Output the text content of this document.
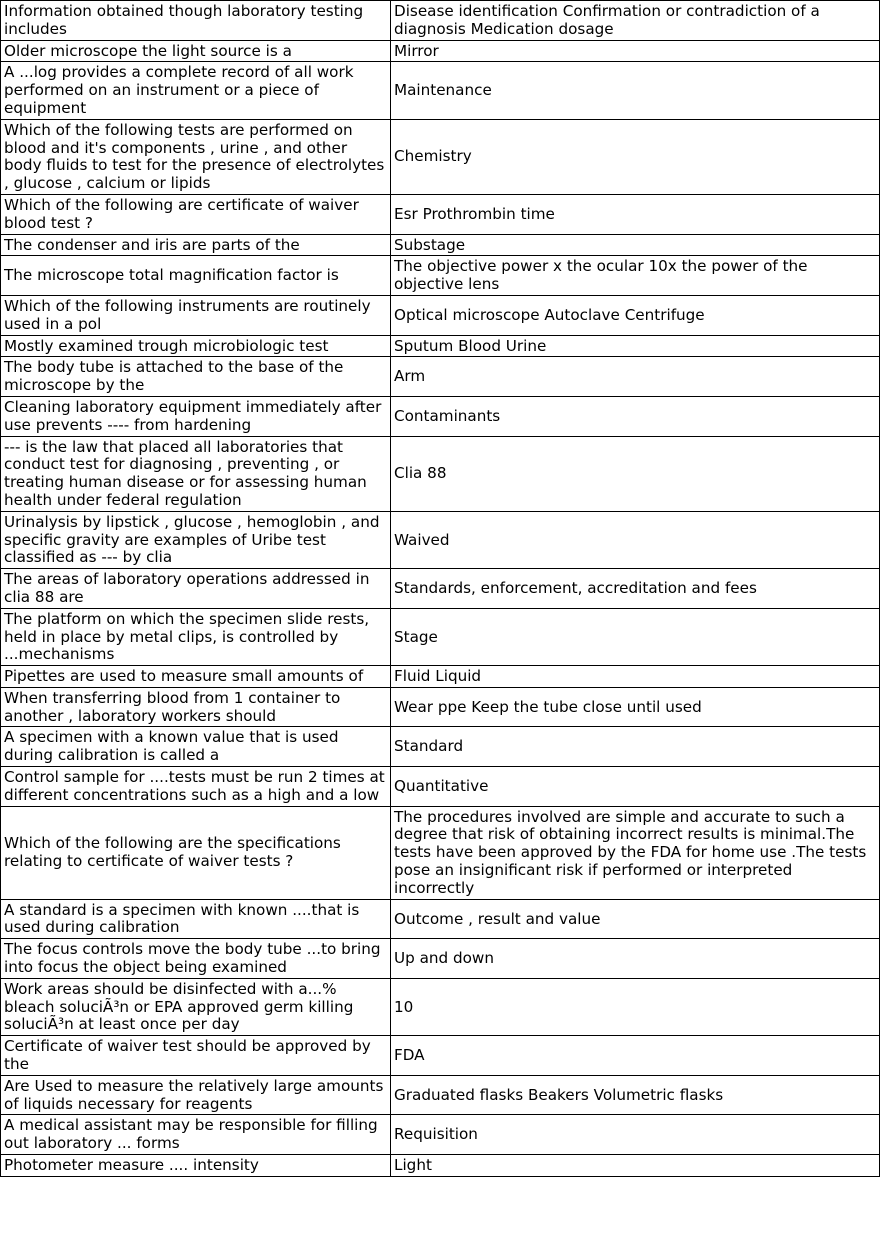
Information obtained though laboratory testing includes	Disease identification Confirmation or contradiction of a diagnosis Medication dosage
Older microscope the light source is a	Mirror
A ...log provides a complete record of all work performed on an instrument or a piece of equipment	Maintenance
Which of the following tests are performed on blood and it's components , urine , and other body fluids to test for the presence of electrolytes , glucose , calcium or lipids	Chemistry
Which of the following are certificate of waiver blood test ?	Esr Prothrombin time
The condenser and iris are parts of the	Substage
The microscope total magnification factor is	The objective power x the ocular 10x the power of the objective lens
Which of the following instruments are routinely used in a pol	Optical microscope Autoclave Centrifuge
Mostly examined trough microbiologic test	Sputum Blood Urine
The body tube is attached to the base of the microscope by the	Arm
Cleaning laboratory equipment immediately after use prevents ---- from hardening	Contaminants
--- is the law that placed all laboratories that conduct test for diagnosing , preventing , or treating human disease or for assessing human health under federal regulation	Clia 88
Urinalysis by lipstick , glucose , hemoglobin , and specific gravity are examples of Uribe test classified as --- by clia	Waived
The areas of laboratory operations addressed in clia 88 are	Standards, enforcement, accreditation and fees
The platform on which the specimen slide rests, held in place by metal clips, is controlled by ...mechanisms	Stage
Pipettes are used to measure small amounts of	Fluid Liquid
When transferring blood from 1 container to another , laboratory workers should	Wear ppe Keep the tube close until used
A specimen with a known value that is used during calibration is called a	Standard
Control sample for ....tests must be run 2 times at different concentrations such as a high and a low	Quantitative
Which of the following are the specifications relating to certificate of waiver tests ?	The procedures involved are simple and accurate to such a degree that risk of obtaining incorrect results is minimal.The tests have been approved by the FDA for home use .The tests pose an insignificant risk if performed or interpreted incorrectly
A standard is a specimen with known ....that is used during calibration	Outcome , result and value
The focus controls move the body tube ...to bring into focus the object being examined	Up and down
Work areas should be disinfected with a...% bleach soluciÃ³n or EPA approved germ killing soluciÃ³n at least once per day	10
Certificate of waiver test should be approved by the	FDA
Are Used to measure the relatively large amounts of liquids necessary for reagents	Graduated flasks Beakers Volumetric flasks
A medical assistant may be responsible for filling out laboratory ... forms	Requisition
Photometer measure .... intensity	Light
